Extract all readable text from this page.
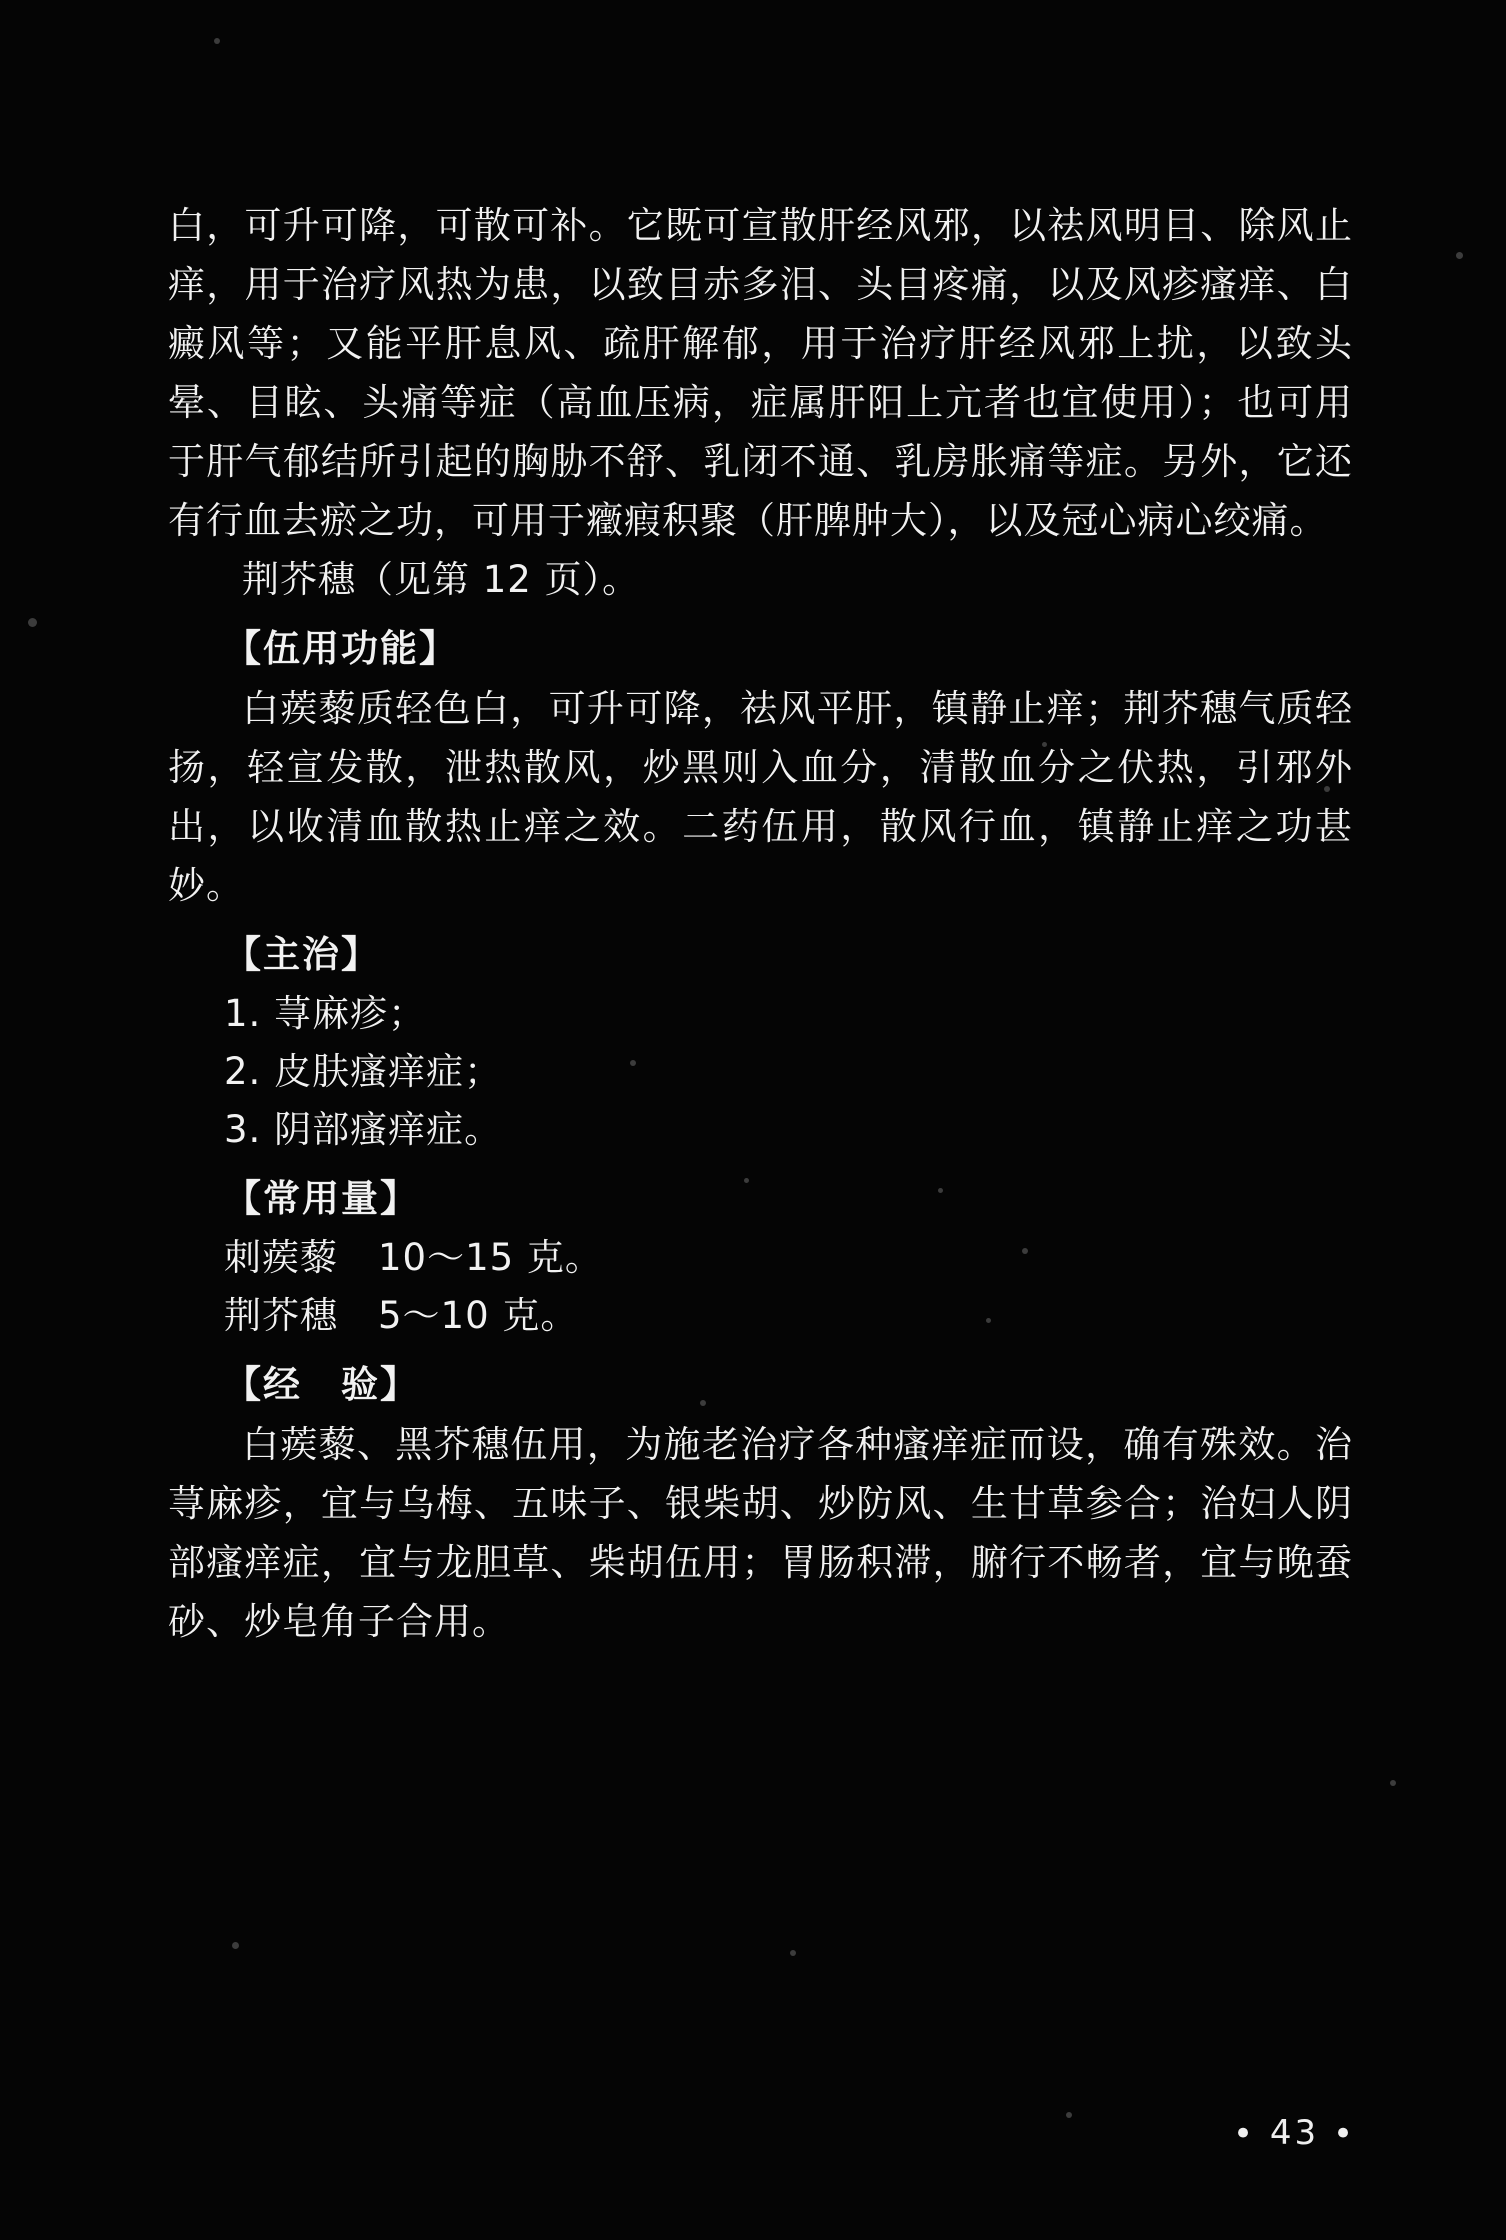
白，可升可降，可散可补。它既可宣散肝经风邪，以祛风明目、除风止痒，用于治疗风热为患，以致目赤多泪、头目疼痛，以及风疹瘙痒、白癜风等；又能平肝息风、疏肝解郁，用于治疗肝经风邪上扰，以致头晕、目眩、头痛等症（高血压病，症属肝阳上亢者也宜使用）；也可用于肝气郁结所引起的胸胁不舒、乳闭不通、乳房胀痛等症。另外，它还有行血去瘀之功，可用于癥瘕积聚（肝脾肿大），以及冠心病心绞痛。

荆芥穗（见第 12 页）。

【伍用功能】

白蒺藜质轻色白，可升可降，祛风平肝，镇静止痒；荆芥穗气质轻扬，轻宣发散，泄热散风，炒黑则入血分，清散血分之伏热，引邪外出，以收清血散热止痒之效。二药伍用，散风行血，镇静止痒之功甚妙。

【主治】

1. 荨麻疹；

2. 皮肤瘙痒症；

3. 阴部瘙痒症。

【常用量】

刺蒺藜 10～15 克。

荆芥穗 5～10 克。

【经　验】

白蒺藜、黑芥穗伍用，为施老治疗各种瘙痒症而设，确有殊效。治荨麻疹，宜与乌梅、五味子、银柴胡、炒防风、生甘草参合；治妇人阴部瘙痒症，宜与龙胆草、柴胡伍用；胃肠积滞，腑行不畅者，宜与晚蚕砂、炒皂角子合用。

• 43 •
